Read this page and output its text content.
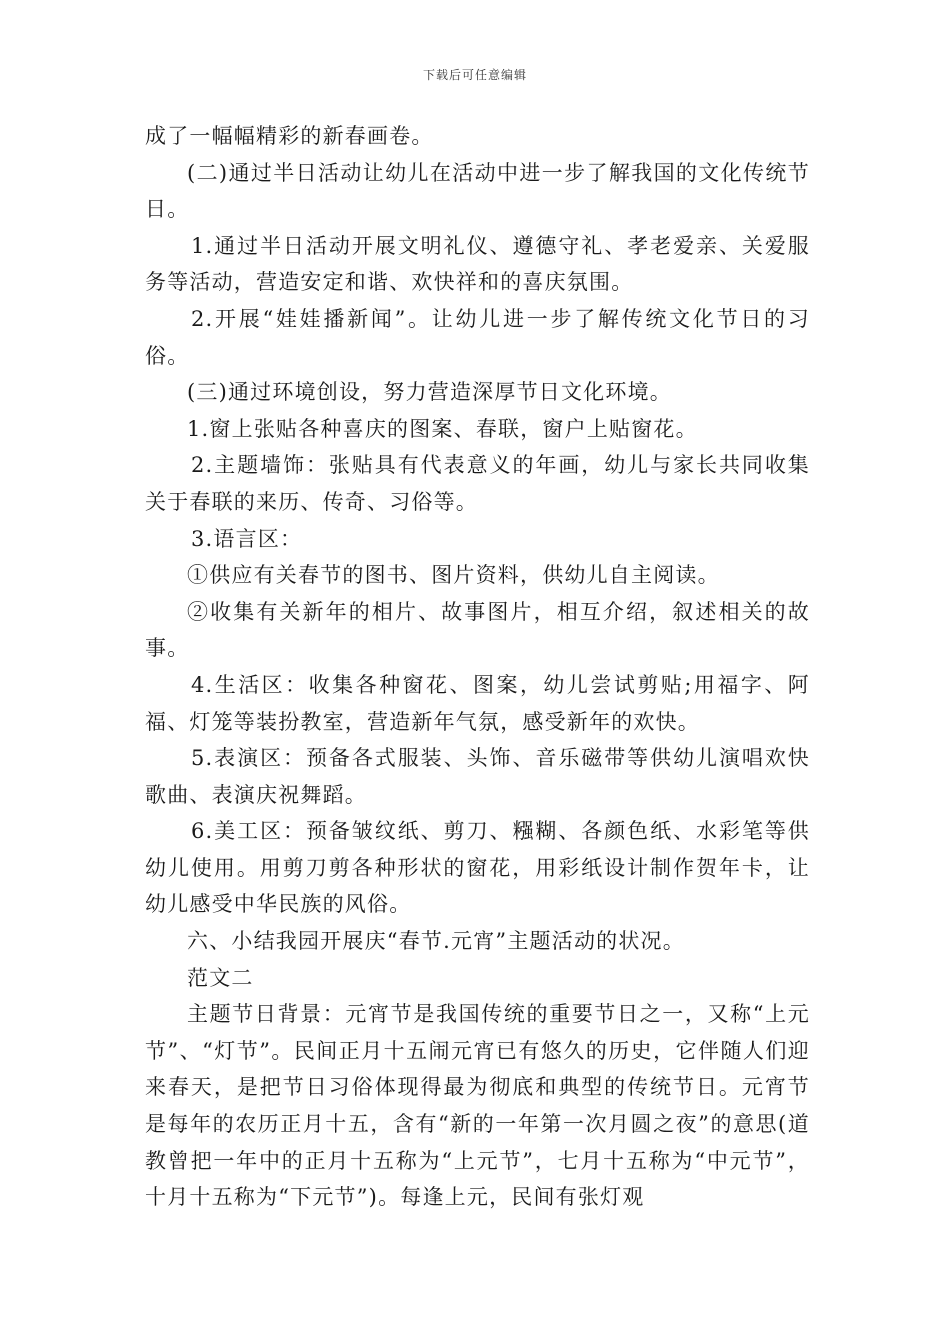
下载后可任意编辑

成了一幅幅精彩的新春画卷。

(二)通过半日活动让幼儿在活动中进一步了解我国的文化传统节日。

1.通过半日活动开展文明礼仪、遵德守礼、孝老爱亲、关爱服务等活动，营造安定和谐、欢快祥和的喜庆氛围。

2.开展“娃娃播新闻”。让幼儿进一步了解传统文化节日的习俗。

(三)通过环境创设，努力营造深厚节日文化环境。

1.窗上张贴各种喜庆的图案、春联，窗户上贴窗花。

2.主题墙饰：张贴具有代表意义的年画，幼儿与家长共同收集关于春联的来历、传奇、习俗等。

3.语言区：

①供应有关春节的图书、图片资料，供幼儿自主阅读。

②收集有关新年的相片、故事图片，相互介绍，叙述相关的故事。

4.生活区：收集各种窗花、图案，幼儿尝试剪贴;用福字、阿福、灯笼等装扮教室，营造新年气氛，感受新年的欢快。

5.表演区：预备各式服装、头饰、音乐磁带等供幼儿演唱欢快歌曲、表演庆祝舞蹈。

6.美工区：预备皱纹纸、剪刀、糨糊、各颜色纸、水彩笔等供幼儿使用。用剪刀剪各种形状的窗花，用彩纸设计制作贺年卡，让幼儿感受中华民族的风俗。

六、小结我园开展庆“春节.元宵”主题活动的状况。

范文二

主题节日背景：元宵节是我国传统的重要节日之一，又称“上元节”、“灯节”。民间正月十五闹元宵已有悠久的历史，它伴随人们迎来春天，是把节日习俗体现得最为彻底和典型的传统节日。元宵节是每年的农历正月十五，含有“新的一年第一次月圆之夜”的意思(道教曾把一年中的正月十五称为“上元节”，七月十五称为“中元节”，十月十五称为“下元节”)。每逢上元，民间有张灯观
